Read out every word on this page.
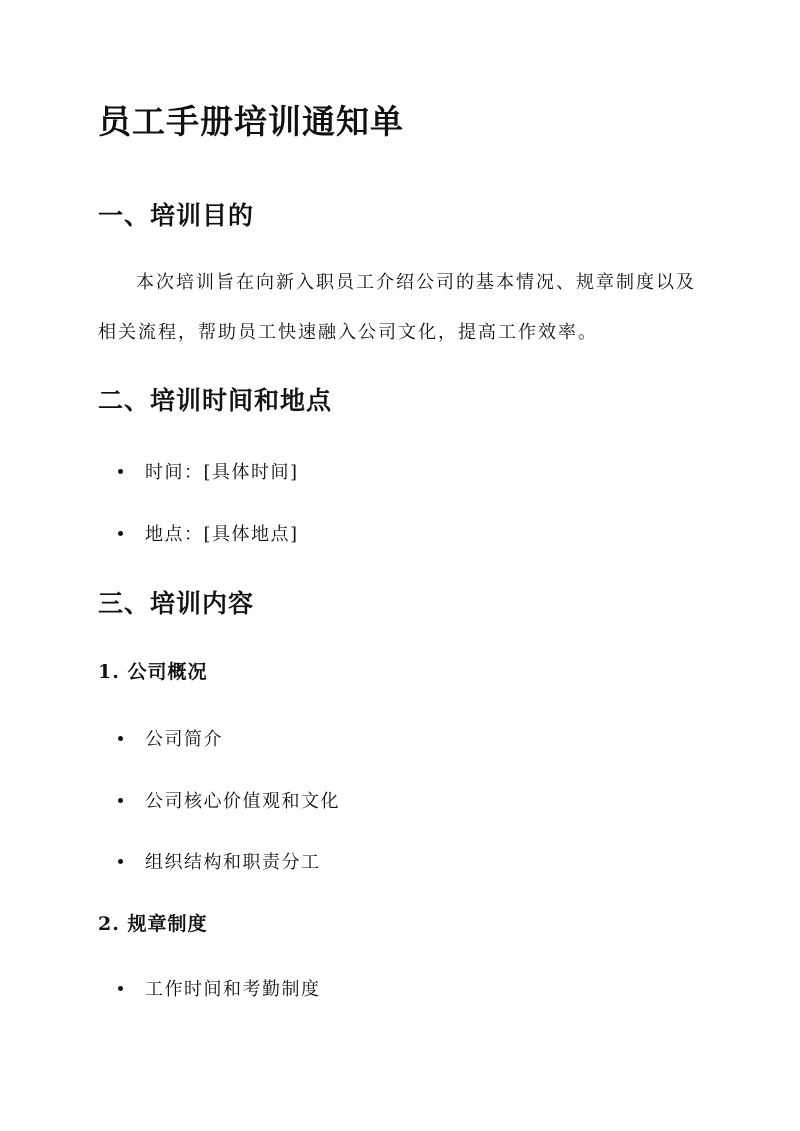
员工手册培训通知单
一、培训目的

本次培训旨在向新入职员工介绍公司的基本情况、规章制度以及相关流程，帮助员工快速融入公司文化，提高工作效率。

二、培训时间和地点
时间：[具体时间]
地点：[具体地点]
三、培训内容
1. 公司概况
公司简介
公司核心价值观和文化
组织结构和职责分工
2. 规章制度
工作时间和考勤制度
